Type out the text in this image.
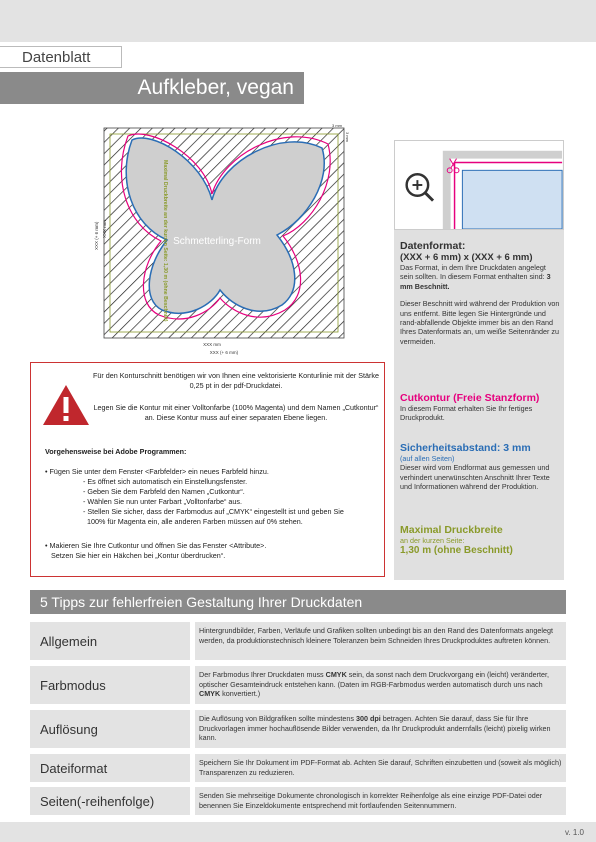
Datenblatt
Aufkleber, vegan
Schmetterling-Form
Maximal Druckbreite an der kurzen Seite: 1,30 m (ohne Beschnitt)
XXX mm
XXX (+ 6 mm)
XXX (+ 6 mm) XXX mm
3 mm
3 mm
Für den Konturschnitt benötigen wir von Ihnen eine vektorisierte Konturlinie mit der Stärke 0,25 pt in der pdf-Druckdatei.
Legen Sie die Kontur mit einer Volltonfarbe (100% Magenta) und dem Namen „Cutkontur“ an. Diese Kontur muss auf einer separaten Ebene liegen.
Vorgehensweise bei Adobe Programmen:
• Fügen Sie unter dem Fenster <Farbfelder> ein neues Farbfeld hinzu.
- Es öffnet sich automatisch ein Einstellungsfenster.
- Geben Sie dem Farbfeld den Namen „Cutkontur“.
- Wählen Sie nun unter Farbart „Volltonfarbe“ aus.
- Stellen Sie sicher, dass der Farbmodus auf „CMYK“ eingestellt ist und geben Sie
100% für Magenta ein, alle anderen Farben müssen auf 0% stehen.
• Makieren Sie Ihre Cutkontur und öffnen Sie das Fenster <Attribute>.
Setzen Sie hier ein Häkchen bei „Kontur überdrucken“.
Datenformat:
(XXX + 6 mm) x (XXX + 6 mm)
Das Format, in dem Ihre Druckdaten angelegt sein sollten. In diesem Format enthalten sind: 3 mm Beschnitt.
Dieser Beschnitt wird während der Produktion von uns entfernt. Bitte legen Sie Hintergründe und rand-abfallende Objekte immer bis an den Rand Ihres Datenformats an, um weiße Seitenränder zu vermeiden.
Cutkontur (Freie Stanzform)
In diesem Format erhalten Sie Ihr fertiges Druckprodukt.
Sicherheitsabstand: 3 mm
(auf allen Seiten)
Dieser wird vom Endformat aus gemessen und verhindert unerwünschten Anschnitt Ihrer Texte und Informationen während der Produktion.
Maximal Druckbreite
an der kurzen Seite:
1,30 m (ohne Beschnitt)
5 Tipps zur fehlerfreien Gestaltung Ihrer Druckdaten
Allgemein
Hintergrundbilder, Farben, Verläufe und Grafiken sollten unbedingt bis an den Rand des Datenformats angelegt werden, da produktionstechnisch kleinere Toleranzen beim Schneiden Ihres Druckproduktes auftreten können.
Farbmodus
Der Farbmodus Ihrer Druckdaten muss CMYK sein, da sonst nach dem Druckvorgang ein (leicht) veränderter, optischer Gesamteindruck entstehen kann. (Daten im RGB-Farbmodus werden automatisch durch uns nach CMYK konvertiert.)
Auflösung
Die Auflösung von Bildgrafiken sollte mindestens 300 dpi betragen. Achten Sie darauf, dass Sie für Ihre Druckvorlagen immer hochauflösende Bilder verwenden, da Ihr Druckprodukt andernfalls (leicht) pixelig wirken kann.
Dateiformat	Speichern Sie Ihr Dokument im PDF-Format ab. Achten Sie darauf, Schriften einzubetten und (soweit als möglich) Transparenzen zu reduzieren.
Seiten(-reihenfolge)	Senden Sie mehrseitige Dokumente chronologisch in korrekter Reihenfolge als eine einzige PDF-Datei oder benennen Sie Einzeldokumente entsprechend mit fortlaufenden Seitennummern.
v. 1.0
